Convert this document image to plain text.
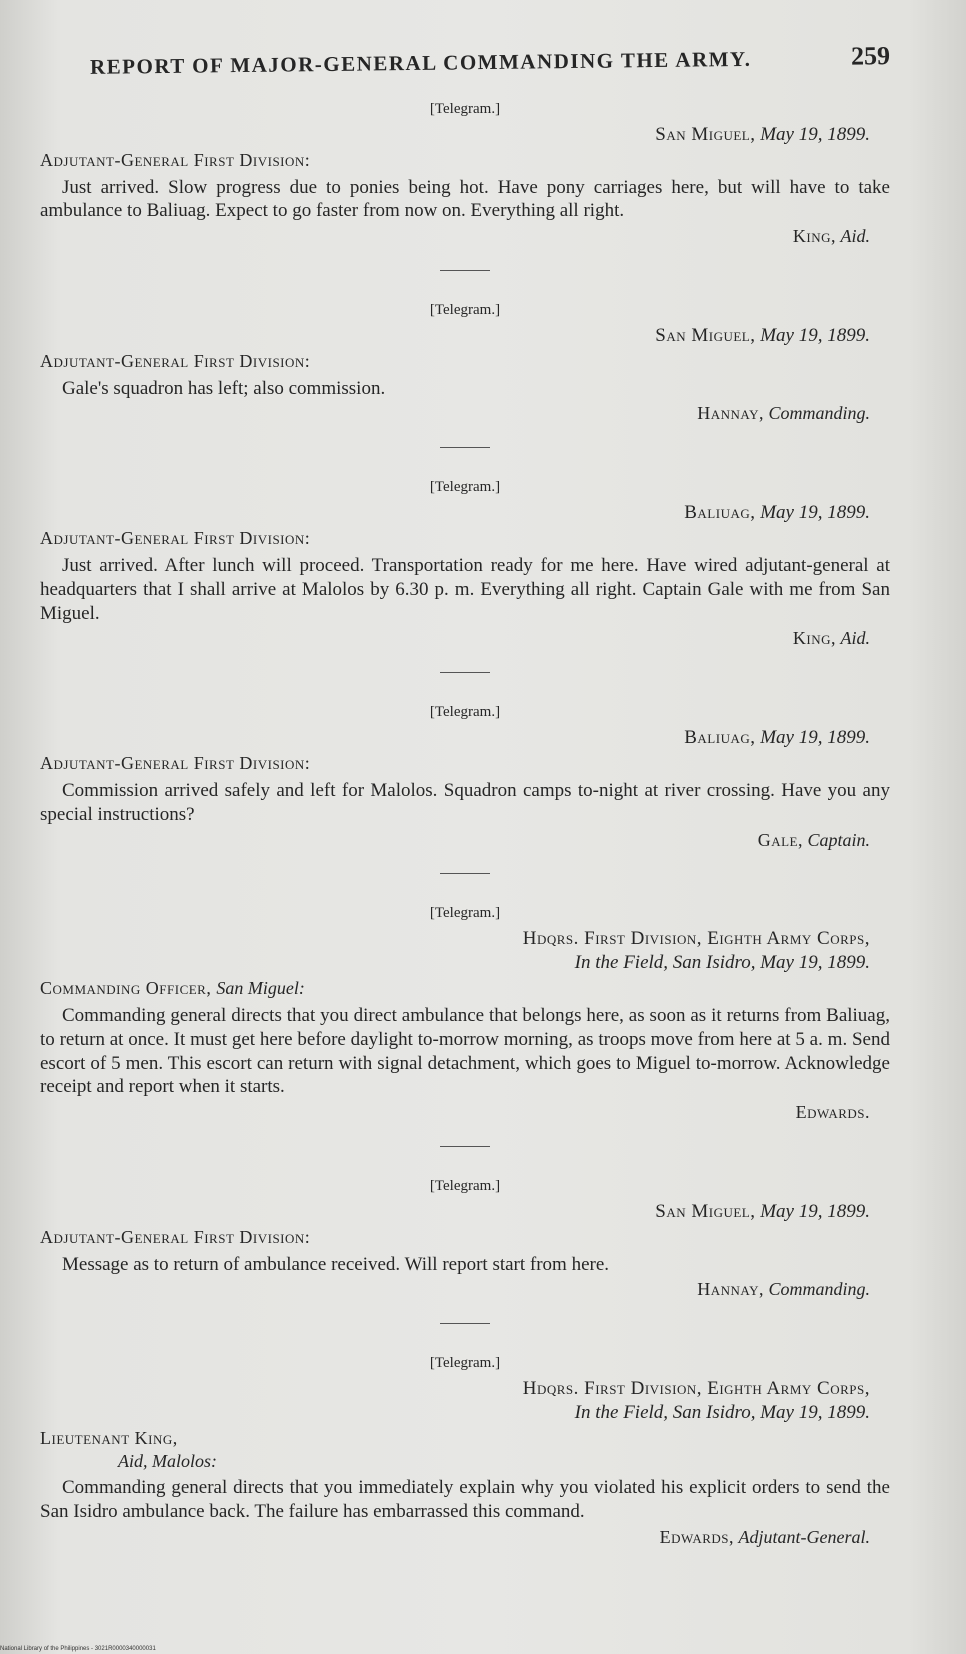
REPORT OF MAJOR-GENERAL COMMANDING THE ARMY.	259
[Telegram.]
San Miguel, May 19, 1899.
Adjutant-General First Division:
Just arrived. Slow progress due to ponies being hot. Have pony carriages here, but will have to take ambulance to Baliuag. Expect to go faster from now on. Everything all right.
King, Aid.
[Telegram.]
San Miguel, May 19, 1899.
Adjutant-General First Division:
Gale's squadron has left; also commission.
Hannay, Commanding.
[Telegram.]
Baliuag, May 19, 1899.
Adjutant-General First Division:
Just arrived. After lunch will proceed. Transportation ready for me here. Have wired adjutant-general at headquarters that I shall arrive at Malolos by 6.30 p. m. Everything all right. Captain Gale with me from San Miguel.
King, Aid.
[Telegram.]
Baliuag, May 19, 1899.
Adjutant-General First Division:
Commission arrived safely and left for Malolos. Squadron camps to-night at river crossing. Have you any special instructions?
Gale, Captain.
[Telegram.]
Hdqrs. First Division, Eighth Army Corps,
In the Field, San Isidro, May 19, 1899.
Commanding Officer, San Miguel:
Commanding general directs that you direct ambulance that belongs here, as soon as it returns from Baliuag, to return at once. It must get here before daylight to-morrow morning, as troops move from here at 5 a. m. Send escort of 5 men. This escort can return with signal detachment, which goes to Miguel to-morrow. Acknowledge receipt and report when it starts.
Edwards.
[Telegram.]
San Miguel, May 19, 1899.
Adjutant-General First Division:
Message as to return of ambulance received. Will report start from here.
Hannay, Commanding.
[Telegram.]
Hdqrs. First Division, Eighth Army Corps,
In the Field, San Isidro, May 19, 1899.
Lieutenant King,
Aid, Malolos:
Commanding general directs that you immediately explain why you violated his explicit orders to send the San Isidro ambulance back. The failure has embarrassed this command.
Edwards, Adjutant-General.
National Library of the Philippines - 3021R0000340000031
